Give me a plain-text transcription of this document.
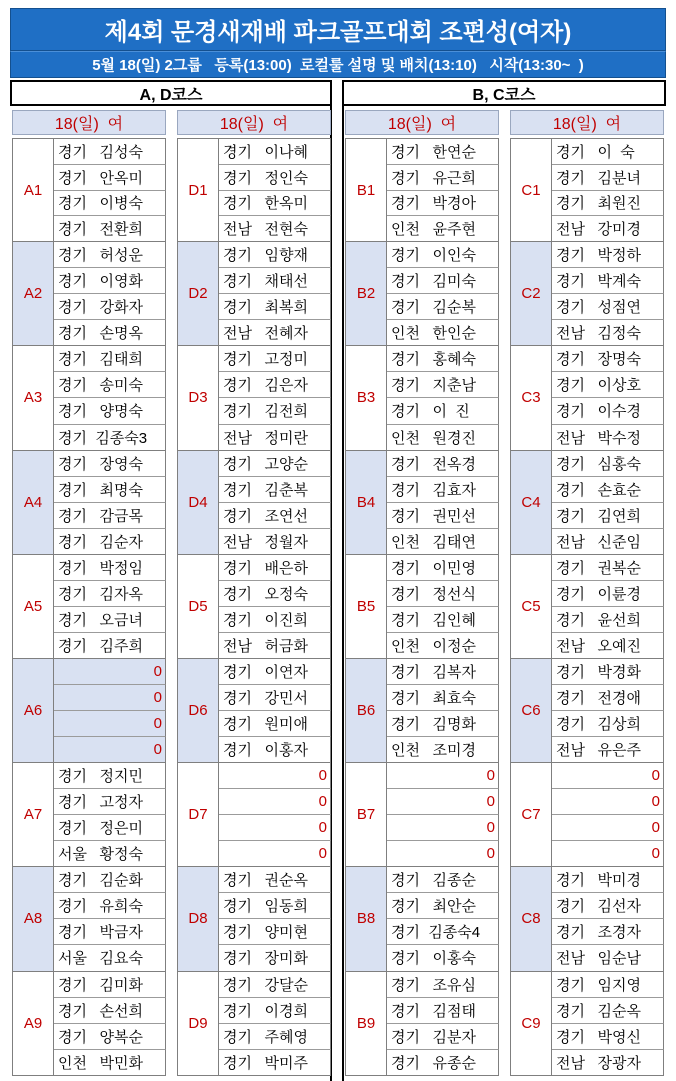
제4회 문경새재배 파크골프대회 조편성(여자)
5월 18(일) 2그룹   등록(13:00)  로컬룰 설명 및 배치(13:10)   시작(13:30~  )
A, D코스	B, C코스
18(일)  여
A1
경기   김성숙
경기   안옥미
경기   이병숙
경기   전환희
A2
경기   허성운
경기   이영화
경기   강화자
경기   손명옥
A3
경기   김태희
경기   송미숙
경기   양명숙
경기  김종숙3
A4
경기   장영숙
경기   최명숙
경기   감금목
경기   김순자
A5
경기   박정임
경기   김자옥
경기   오금녀
경기   김주희
A6
0
0
0
0
A7
경기   정지민
경기   고정자
경기   정은미
서울   황정숙
A8
경기   김순화
경기   유희숙
경기   박금자
서울   김요숙
A9
경기   김미화
경기   손선희
경기   양복순
인천   박민화
18(일)  여
D1
경기   이나혜
경기   정인숙
경기   한옥미
전남   전현숙
D2
경기   임향재
경기   채태선
경기   최복희
전남   전혜자
D3
경기   고정미
경기   김은자
경기   김전희
전남   정미란
D4
경기   고양순
경기   김춘복
경기   조연선
전남   정월자
D5
경기   배은하
경기   오정숙
경기   이진희
전남   허금화
D6
경기   이연자
경기   강민서
경기   원미애
경기   이홍자
D7
0
0
0
0
D8
경기   권순옥
경기   임동희
경기   양미현
경기   장미화
D9
경기   강달순
경기   이경희
경기   주혜영
경기   박미주
18(일)  여
B1
경기   한연순
경기   유근희
경기   박경아
인천   윤주현
B2
경기   이인숙
경기   김미숙
경기   김순복
인천   한인순
B3
경기   홍혜숙
경기   지춘남
경기   이  진
인천   원경진
B4
경기   전옥경
경기   김효자
경기   권민선
인천   김태연
B5
경기   이민영
경기   정선식
경기   김인혜
인천   이정순
B6
경기   김복자
경기   최효숙
경기   김명화
인천   조미경
B7
0
0
0
0
B8
경기   김종순
경기   최안순
경기  김종숙4
경기   이홍숙
B9
경기   조유심
경기   김점태
경기   김분자
경기   유종순
18(일)  여
C1
경기   이  숙
경기   김분녀
경기   최원진
전남   강미경
C2
경기   박정하
경기   박계숙
경기   성점연
전남   김정숙
C3
경기   장명숙
경기   이상호
경기   이수경
전남   박수정
C4
경기   심홍숙
경기   손효순
경기   김연희
전남   신준임
C5
경기   권복순
경기   이륜경
경기   윤선희
전남   오예진
C6
경기   박경화
경기   전경애
경기   김상희
전남   유은주
C7
0
0
0
0
C8
경기   박미경
경기   김선자
경기   조경자
전남   임순남
C9
경기   임지영
경기   김순옥
경기   박영신
전남   장광자
